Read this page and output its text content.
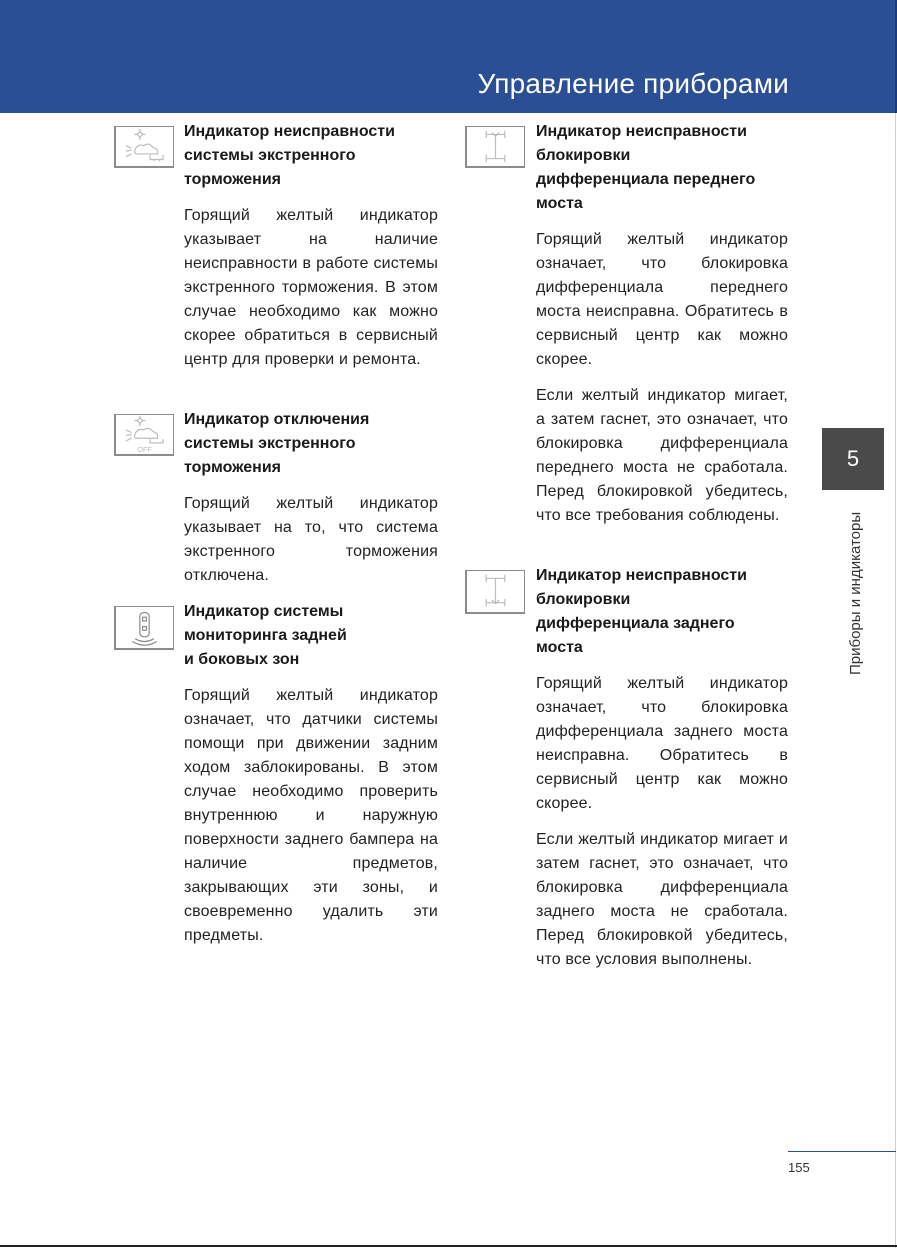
Управление приборами
Индикатор неисправности
системы экстренного
торможения
Горящий желтый индикатор указывает на наличие неисправности в работе системы экстренного торможения. В этом случае необходимо как можно скорее обратиться в сервисный центр для проверки и ремонта.
OFF
Индикатор отключения
системы экстренного
торможения
Горящий желтый индикатор указывает на то, что система экстренного торможения отключена.
Индикатор системы
мониторинга задней
и боковых зон
Горящий желтый индикатор означает, что датчики системы помощи при движении задним ходом заблокированы. В этом случае необходимо проверить внутреннюю и наружную поверхности заднего бампера на наличие предметов, закрывающих эти зоны, и своевременно удалить эти предметы.
Индикатор неисправности
блокировки
дифференциала переднего
моста
Горящий желтый индикатор означает, что блокировка дифференциала переднего моста неисправна. Обратитесь в сервисный центр как можно скорее.
Если желтый индикатор мигает, а затем гаснет, это означает, что блокировка дифференциала переднего моста не сработала. Перед блокировкой убедитесь, что все требования соблюдены.
Индикатор неисправности
блокировки
дифференциала заднего
моста
Горящий желтый индикатор означает, что блокировка дифференциала заднего моста неисправна. Обратитесь в сервисный центр как можно скорее.
Если желтый индикатор мигает и затем гаснет, это означает, что блокировка дифференциала заднего моста не сработала. Перед блокировкой убедитесь, что все условия выполнены.
5
Приборы и индикаторы
155
